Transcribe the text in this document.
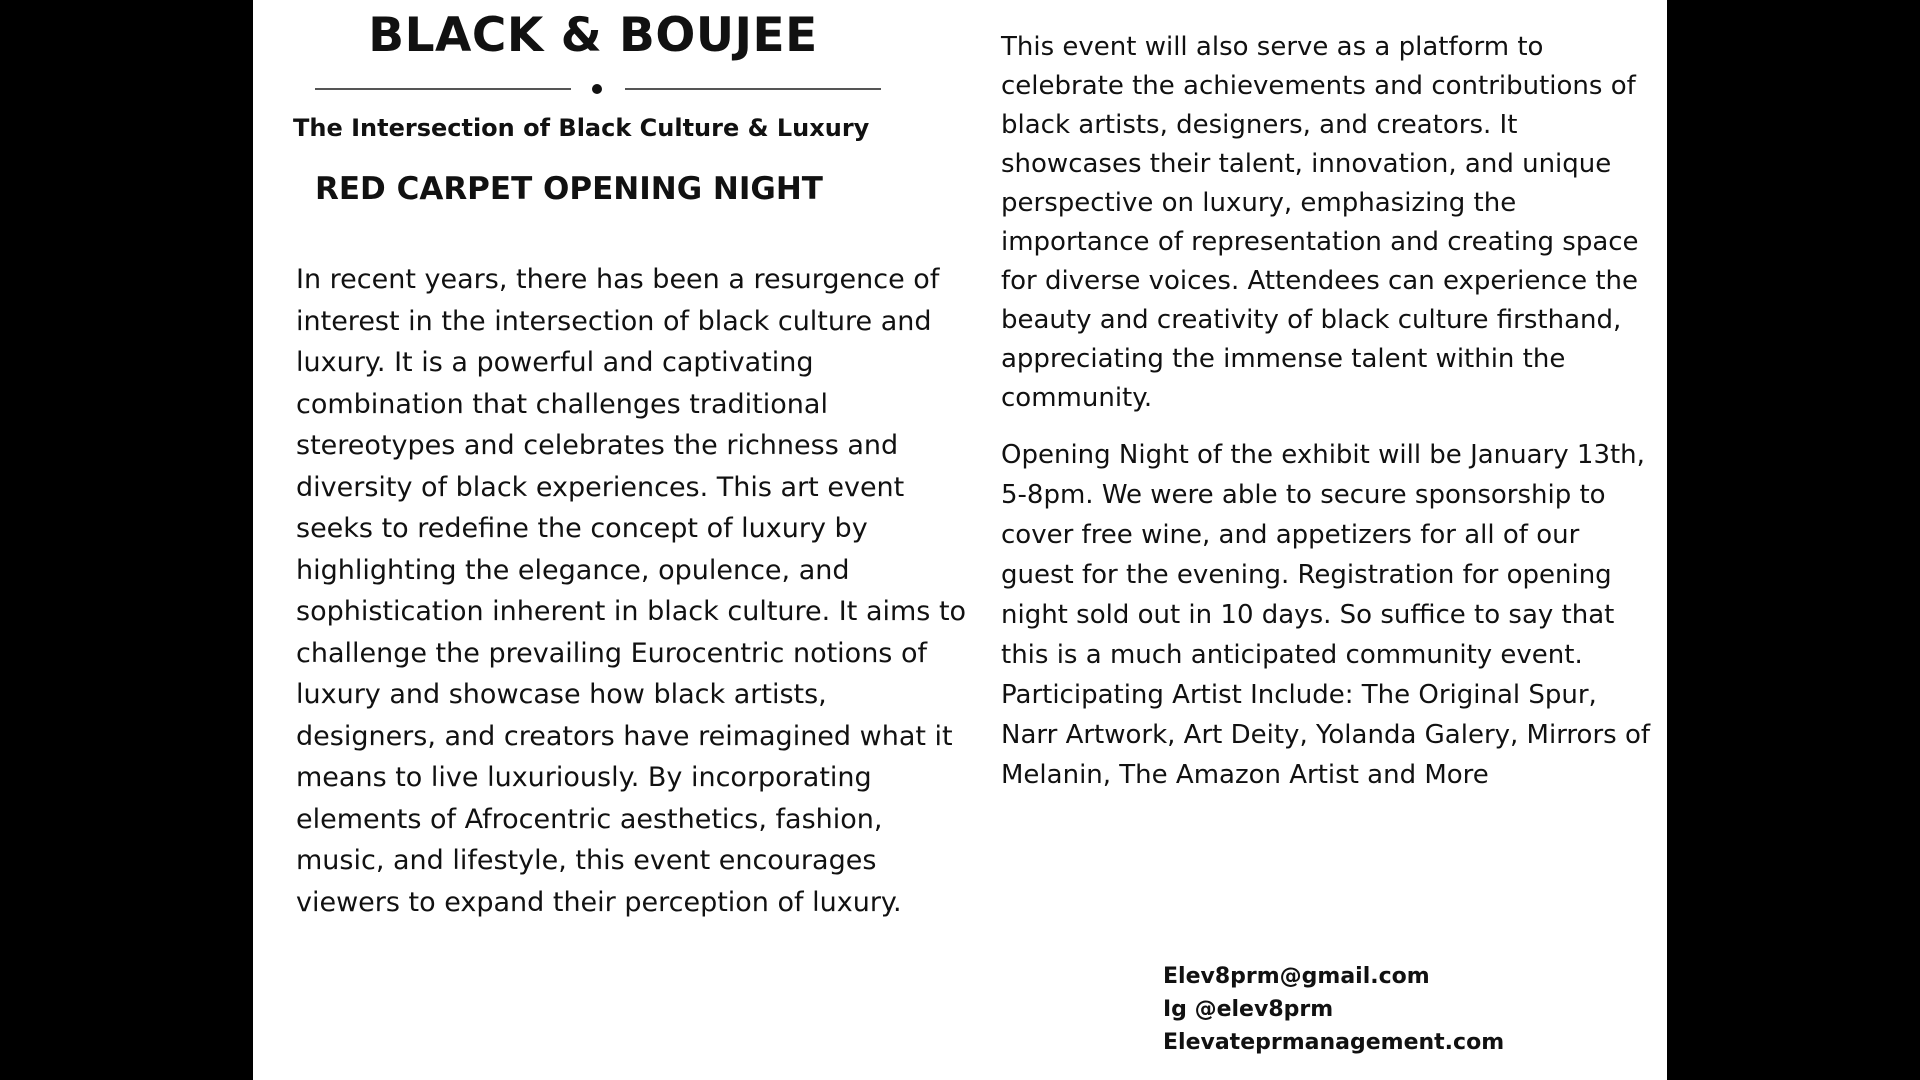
BLACK & BOUJEE
The Intersection of Black Culture & Luxury
RED CARPET OPENING NIGHT
In recent years, there has been a resurgence of interest in the intersection of black culture and luxury. It is a powerful and captivating combination that challenges traditional stereotypes and celebrates the richness and diversity of black experiences. This art event seeks to redefine the concept of luxury by highlighting the elegance, opulence, and sophistication inherent in black culture. It aims to challenge the prevailing Eurocentric notions of luxury and showcase how black artists, designers, and creators have reimagined what it means to live luxuriously. By incorporating elements of Afrocentric aesthetics, fashion, music, and lifestyle, this event encourages viewers to expand their perception of luxury.

This event will also serve as a platform to celebrate the achievements and contributions of black artists, designers, and creators. It showcases their talent, innovation, and unique perspective on luxury, emphasizing the importance of representation and creating space for diverse voices. Attendees can experience the beauty and creativity of black culture firsthand, appreciating the immense talent within the community.

Opening Night of the exhibit will be January 13th, 5-8pm. We were able to secure sponsorship to cover free wine, and appetizers for all of our guest for the evening. Registration for opening night sold out in 10 days. So suffice to say that this is a much anticipated community event. Participating Artist Include: The Original Spur, Narr Artwork, Art Deity, Yolanda Galery, Mirrors of Melanin, The Amazon Artist and More

Elev8prm@gmail.com
Ig @elev8prm
Elevateprmanagement.com
